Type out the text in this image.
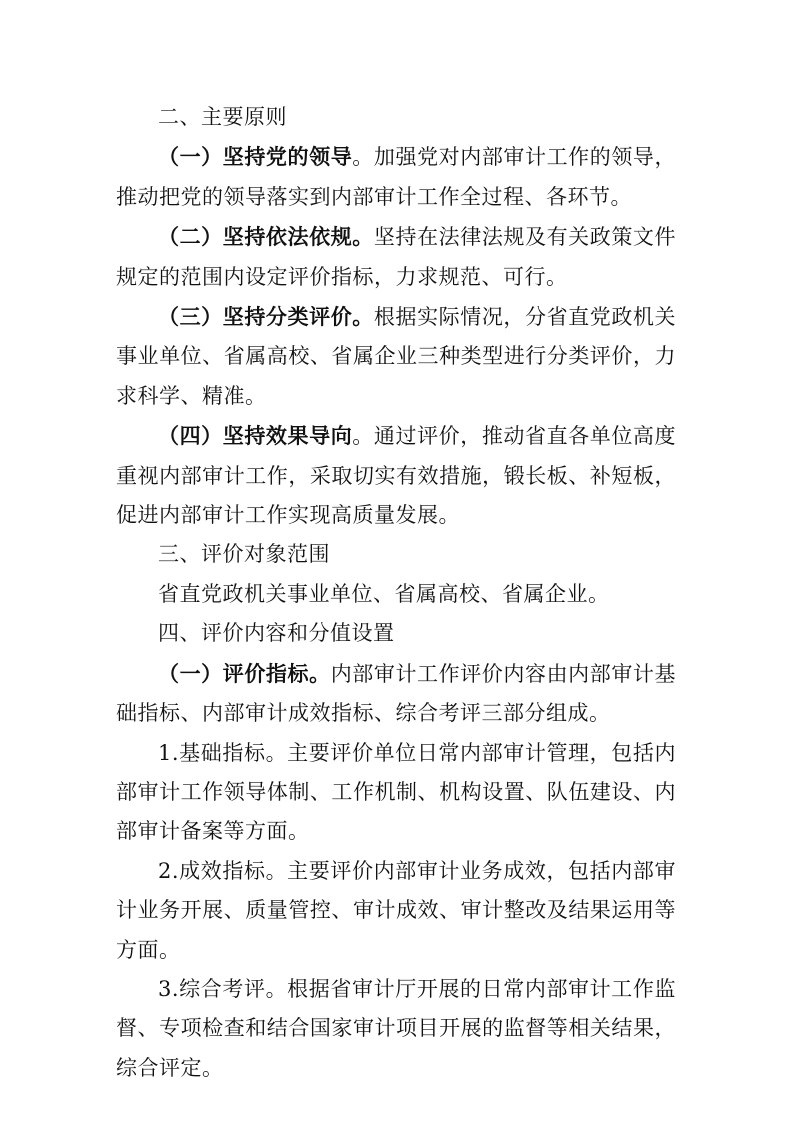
二、主要原则

（一）坚持党的领导。加强党对内部审计工作的领导，推动把党的领导落实到内部审计工作全过程、各环节。

（二）坚持依法依规。坚持在法律法规及有关政策文件规定的范围内设定评价指标，力求规范、可行。

（三）坚持分类评价。根据实际情况，分省直党政机关事业单位、省属高校、省属企业三种类型进行分类评价，力求科学、精准。

（四）坚持效果导向。通过评价，推动省直各单位高度重视内部审计工作，采取切实有效措施，锻长板、补短板，促进内部审计工作实现高质量发展。

三、评价对象范围

省直党政机关事业单位、省属高校、省属企业。

四、评价内容和分值设置

（一）评价指标。内部审计工作评价内容由内部审计基础指标、内部审计成效指标、综合考评三部分组成。

1.基础指标。主要评价单位日常内部审计管理，包括内部审计工作领导体制、工作机制、机构设置、队伍建设、内部审计备案等方面。

2.成效指标。主要评价内部审计业务成效，包括内部审计业务开展、质量管控、审计成效、审计整改及结果运用等方面。

3.综合考评。根据省审计厅开展的日常内部审计工作监督、专项检查和结合国家审计项目开展的监督等相关结果，综合评定。
